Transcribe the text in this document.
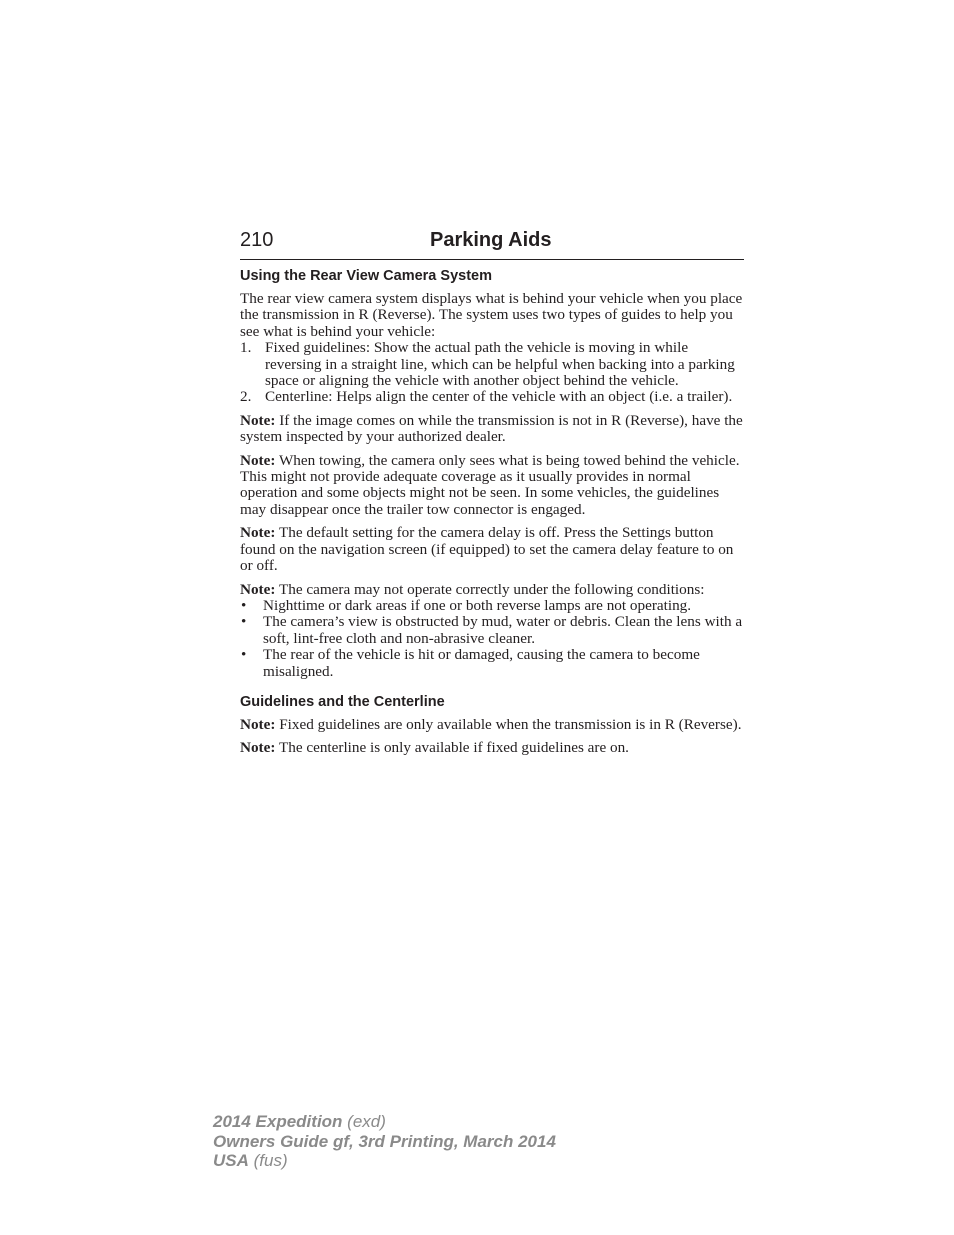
210	Parking Aids
Using the Rear View Camera System

The rear view camera system displays what is behind your vehicle when you place the transmission in R (Reverse). The system uses two types of guides to help you see what is behind your vehicle:

1. Fixed guidelines: Show the actual path the vehicle is moving in while reversing in a straight line, which can be helpful when backing into a parking space or aligning the vehicle with another object behind the vehicle.
2. Centerline: Helps align the center of the vehicle with an object (i.e. a trailer).

Note: If the image comes on while the transmission is not in R (Reverse), have the system inspected by your authorized dealer.

Note: When towing, the camera only sees what is being towed behind the vehicle. This might not provide adequate coverage as it usually provides in normal operation and some objects might not be seen. In some vehicles, the guidelines may disappear once the trailer tow connector is engaged.

Note: The default setting for the camera delay is off. Press the Settings button found on the navigation screen (if equipped) to set the camera delay feature to on or off.

Note: The camera may not operate correctly under the following conditions:

• Nighttime or dark areas if one or both reverse lamps are not operating.
• The camera’s view is obstructed by mud, water or debris. Clean the lens with a soft, lint-free cloth and non-abrasive cleaner.
• The rear of the vehicle is hit or damaged, causing the camera to become misaligned.
Guidelines and the Centerline

Note: Fixed guidelines are only available when the transmission is in R (Reverse).

Note: The centerline is only available if fixed guidelines are on.

2014 Expedition (exd)
Owners Guide gf, 3rd Printing, March 2014
USA (fus)
